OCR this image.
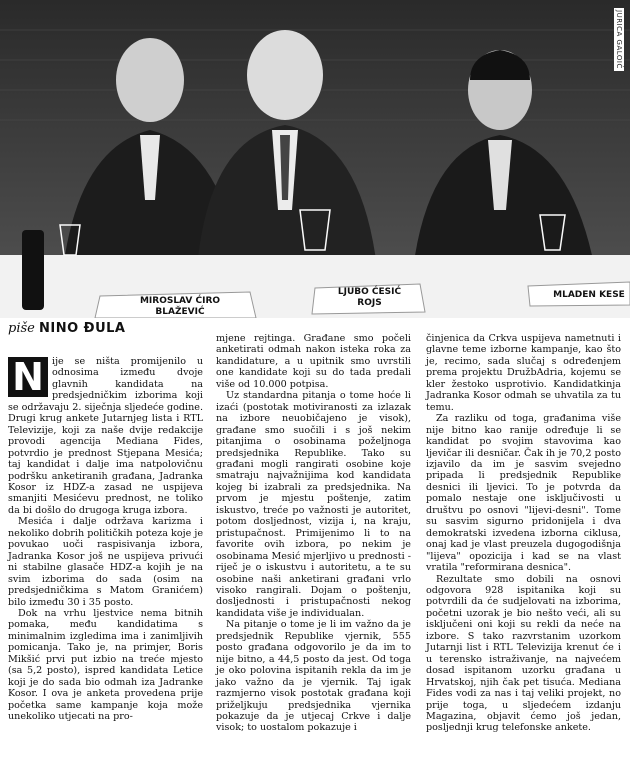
JURICA GALOIĆ
MIROSLAV ĆIRO
BLAŽEVIĆ
LJUBO ĆESIĆ
ROJS
MLADEN KESE
piše NINO ĐULA

N ije se ništa promijenilo u odnosima između dvoje glavnih kandidata na predsjedničkim izborima koji se održavaju 2. siječnja sljedeće godine. Drugi krug ankete Jutarnjeg lista i RTL Televizije, koji za naše dvije redakcije provodi agencija Mediana Fides, potvrdio je prednost Stjepana Mesića; taj kandidat i dalje ima natpolovičnu podršku anketiranih građana, Jadranka Kosor iz HDZ-a zasad ne uspijeva smanjiti Mesićevu prednost, ne toliko da bi došlo do drugoga kruga izbora.

Mesića i dalje održava karizma i nekoliko dobrih političkih poteza koje je povukao uoči raspisivanja izbora, Jadranka Kosor još ne uspijeva privući ni stabilne glasače HDZ-a kojih je na svim izborima do sada (osim na predsjedničkima s Matom Granićem) bilo između 30 i 35 posto.

Dok na vrhu ljestvice nema bitnih pomaka, među kandidatima s minimalnim izgledima ima i zanimljivih pomicanja. Tako je, na primjer, Boris Mikšić prvi put izbio na treće mjesto (sa 5,2 posto), ispred kandidata Letice koji je do sada bio odmah iza Jadranke Kosor. I ova je anketa provedena prije početka same kampanje koja može unekoliko utjecati na pro-

mjene rejtinga. Građane smo počeli anketirati odmah nakon isteka roka za kandidature, a u upitnik smo uvrstili one kandidate koji su do tada predali više od 10.000 potpisa.

Uz standardna pitanja o tome hoće li izaći (postotak motiviranosti za izlazak na izbore neuobičajeno je visok), građane smo suočili i s još nekim pitanjima o osobinama poželjnoga predsjednika Republike. Tako su građani mogli rangirati osobine koje smatraju najvažnijima kod kandidata kojeg bi izabrali za predsjednika. Na prvom je mjestu poštenje, zatim iskustvo, treće po važnosti je autoritet, potom dosljednost, vizija i, na kraju, pristupačnost. Primijenimo li to na favorite ovih izbora, po nekim je osobinama Mesić mjerljivo u prednosti - riječ je o iskustvu i autoritetu, a te su osobine naši anketirani građani vrlo visoko rangirali. Dojam o poštenju, dosljednosti i pristupačnosti nekog kandidata više je individualan.

Na pitanje o tome je li im važno da je predsjednik Republike vjernik, 555 posto građana odgovorilo je da im to nije bitno, a 44,5 posto da jest. Od toga je oko polovina ispitanih rekla da im je jako važno da je vjernik. Taj igak razmjerno visok postotak građana koji priželjkuju predsjednika vjernika pokazuje da je utjecaj Crkve i dalje visok; to uostalom pokazuje i

činjenica da Crkva uspijeva nametnuti i glavne teme izborne kampanje, kao što je, recimo, sada slučaj s određenjem prema projektu DružbAdria, kojemu se kler žestoko usprotivio. Kandidatkinja Jadranka Kosor odmah se uhvatila za tu temu.

Za razliku od toga, građanima više nije bitno kao ranije određuje li se kandidat po svojim stavovima kao ljevičar ili desničar. Čak ih je 70,2 posto izjavilo da im je sasvim svejedno pripada li predsjednik Republike desnici ili ljevici. To je potvrda da pomalo nestaje one isključivosti u društvu po osnovi "lijevi-desni". Tome su sasvim sigurno pridonijela i dva demokratski izvedena izborna ciklusa, onaj kad je vlast preuzela dugogodišnja "lijeva" opozicija i kad se na vlast vratila "reformirana desnica".

Rezultate smo dobili na osnovi odgovora 928 ispitanika koji su potvrdili da će sudjelovati na izborima, početni uzorak je bio nešto veći, ali su isključeni oni koji su rekli da neće na izbore. S tako razvrstanim uzorkom Jutarnji list i RTL Televizija krenut će i u terensko istraživanje, na najvećem dosad ispitanom uzorku građana u Hrvatskoj, njih čak pet tisuća. Mediana Fides vodi za nas i taj veliki projekt, no prije toga, u sljedećem izdanju Magazina, objavit ćemo još jedan, posljednji krug telefonske ankete.
